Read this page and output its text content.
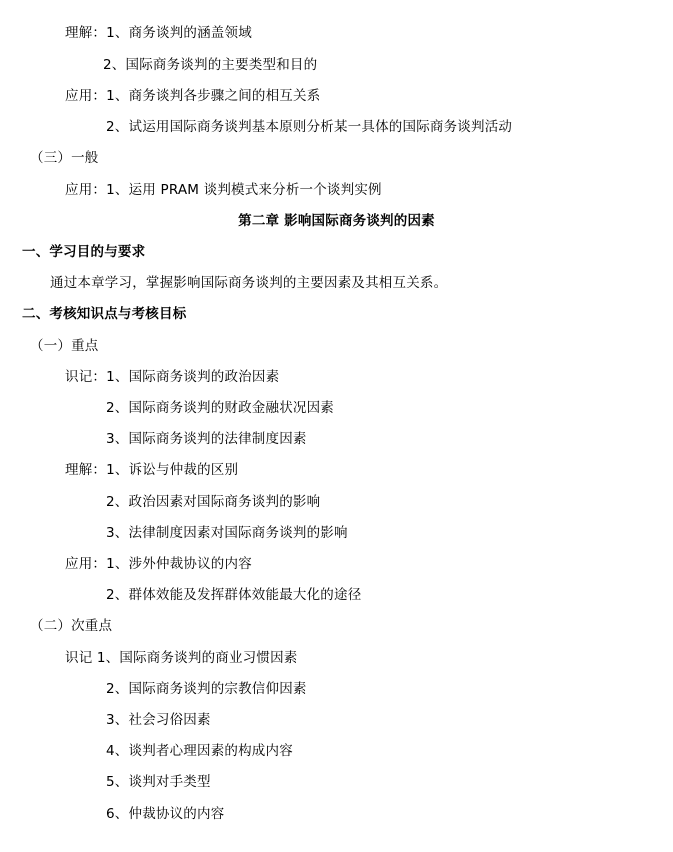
理解：1、商务谈判的涵盖领域
2、国际商务谈判的主要类型和目的
应用：1、商务谈判各步骤之间的相互关系
2、试运用国际商务谈判基本原则分析某一具体的国际商务谈判活动
（三）一般
应用：1、运用 PRAM 谈判模式来分析一个谈判实例
第二章 影响国际商务谈判的因素
一、学习目的与要求
通过本章学习，掌握影响国际商务谈判的主要因素及其相互关系。
二、考核知识点与考核目标
（一）重点
识记：1、国际商务谈判的政治因素
2、国际商务谈判的财政金融状况因素
3、国际商务谈判的法律制度因素
理解：1、诉讼与仲裁的区别
2、政治因素对国际商务谈判的影响
3、法律制度因素对国际商务谈判的影响
应用：1、涉外仲裁协议的内容
2、群体效能及发挥群体效能最大化的途径
（二）次重点
识记 1、国际商务谈判的商业习惯因素
2、国际商务谈判的宗教信仰因素
3、社会习俗因素
4、谈判者心理因素的构成内容
5、谈判对手类型
6、仲裁协议的内容
